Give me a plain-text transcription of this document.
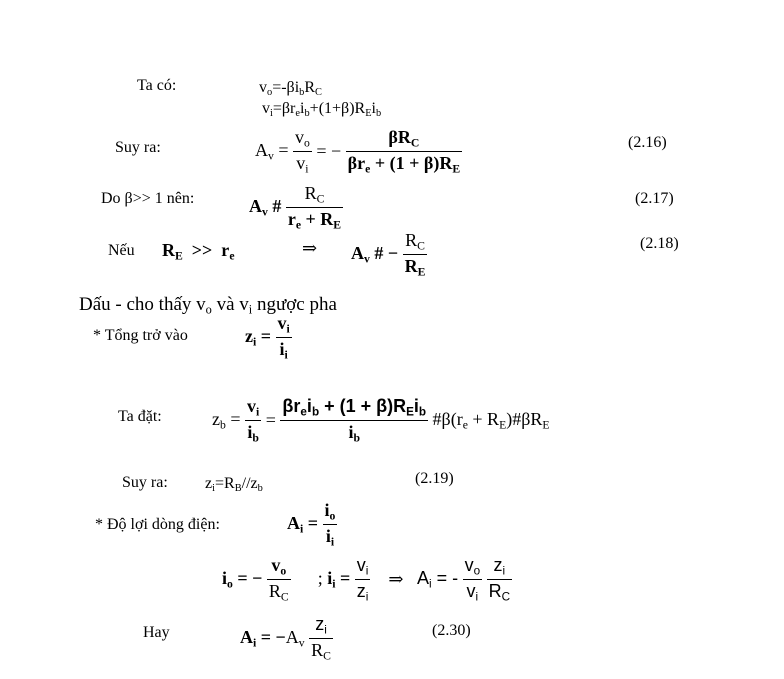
Ta có:	$v_o=-\beta i_bR_C$
$v_i=\beta r_ei_b+(1+\beta)R_Ei_b$
Suy ra:	$A_v = \frac{v_o}{v_i}$ = − $\frac{\beta R_C}{\beta r_e + (1 + \beta)R_E}$	(2.16)
Do β>> 1 nên:	$A_v$ # $\frac{R_C}{r_e + R_E}$	(2.17)
Nếu $R_E >> r_e$	⇒ $A_v$ # − $\frac{R_C}{R_E}$	(2.18)
Dấu - cho thấy $v_o$ và $v_i$ ngược pha
* Tổng trở vào	$z_i = \frac{v_i}{i_i}$
Ta đặt:	$z_b = \frac{v_i}{i_b} = \frac{\beta r_ei_b + (1 + \beta)R_Ei_b}{i_b}$ $\#\beta(r_e$ + $R_E)\#\beta R_E$
Suy ra: $z_i=R_B//z_b$
(2.19)
* Độ lợi dòng điện:	$A_i = \frac{i_o}{i_i}$
$i_o$ = − $\frac{v_o}{R_C}$ ; $i_i = \frac{v_i}{z_i}$ ⇒   $A_i$ = - $\frac{v_o}{v_i}$
$\frac{z_i}{R_C}$
Hay	$A_i = -A_v \frac{z_i}{R_C}$	(2.30)
